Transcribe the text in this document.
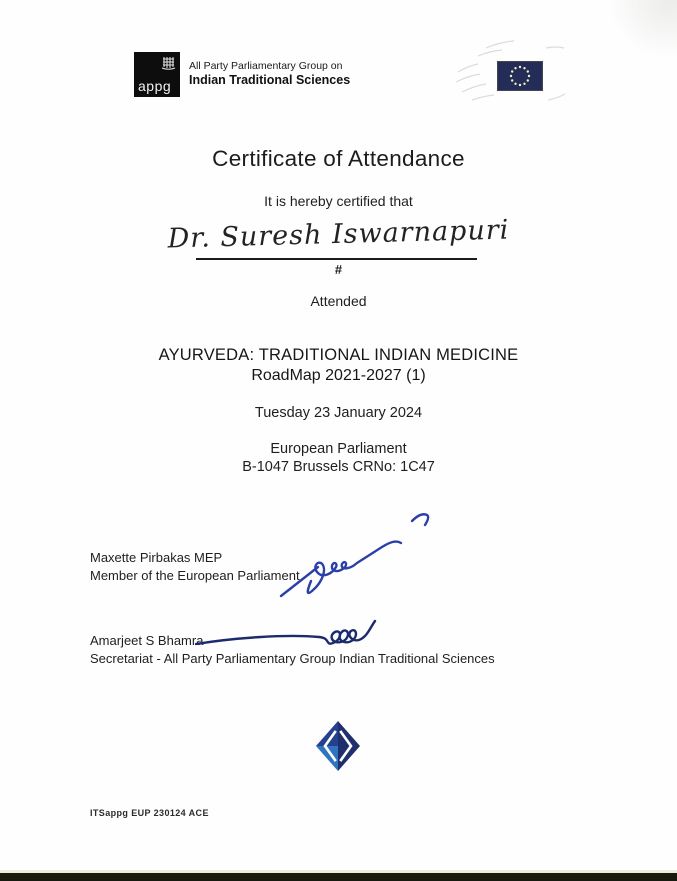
appg
All Party Parliamentary Group on
Indian Traditional Sciences
Certificate of Attendance
It is hereby certified that
Dr. Suresh Iswarnapuri
#
Attended
AYURVEDA: TRADITIONAL INDIAN MEDICINE
RoadMap 2021-2027 (1)
Tuesday 23 January 2024
European Parliament
B-1047 Brussels CRNo: 1C47
Maxette Pirbakas MEP
Member of the European Parliament
Amarjeet S Bhamra
Secretariat - All Party Parliamentary Group Indian Traditional Sciences
ITSappg EUP 230124 ACE
